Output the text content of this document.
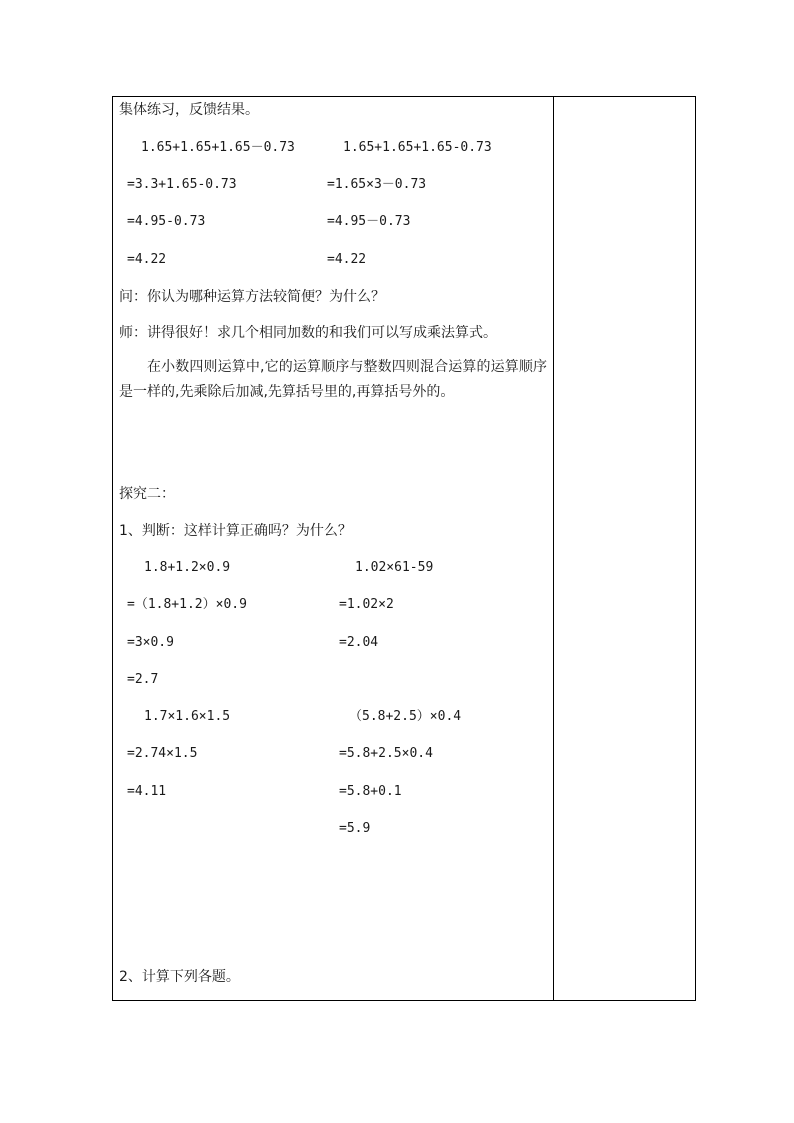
集体练习，反馈结果。
1.65+1.65+1.65－0.73
=3.3+1.65-0.73
=4.95-0.73
=4.22
1.65+1.65+1.65-0.73
=1.65×3－0.73
=4.95－0.73
=4.22
问：你认为哪种运算方法较简便？为什么？
师：讲得很好！求几个相同加数的和我们可以写成乘法算式。
在小数四则运算中,它的运算顺序与整数四则混合运算的运算顺序是一样的,先乘除后加减,先算括号里的,再算括号外的。
探究二：
1、判断：这样计算正确吗？为什么？
1.8+1.2×0.9
=（1.8+1.2）×0.9
=3×0.9
=2.7
1.02×61-59
=1.02×2
=2.04
1.7×1.6×1.5
=2.74×1.5
=4.11
（5.8+2.5）×0.4
=5.8+2.5×0.4
=5.8+0.1
=5.9
2、计算下列各题。
